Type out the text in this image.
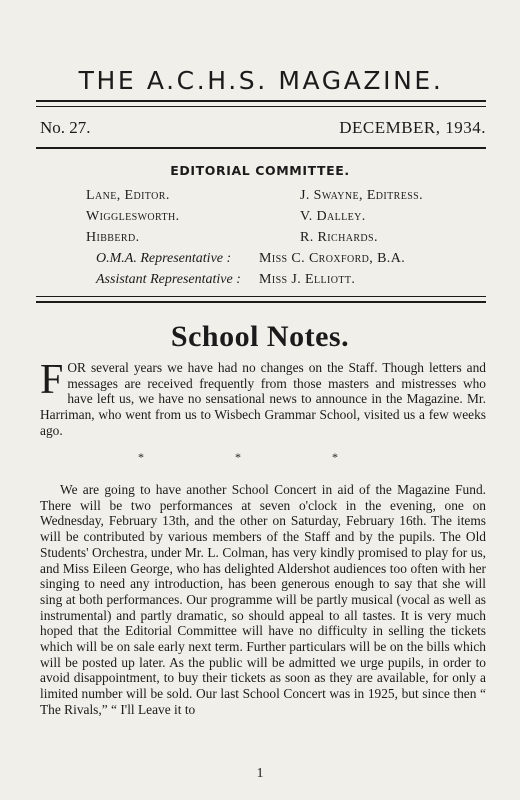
THE A.C.H.S. MAGAZINE.
No. 27.	DECEMBER, 1934.
EDITORIAL COMMITTEE.
Lane, Editor.	J. Swayne, Editress.
Wigglesworth.	V. Dalley.
Hibberd.	R. Richards.
O.M.A. Representative : Miss C. Croxford, B.A.
Assistant Representative : Miss J. Elliott.
School Notes.
FOR several years we have had no changes on the Staff. Though letters and messages are received frequently from those masters and mistresses who have left us, we have no sensational news to announce in the Magazine. Mr. Harriman, who went from us to Wisbech Grammar School, visited us a few weeks ago.
* * *
We are going to have another School Concert in aid of the Magazine Fund. There will be two performances at seven o'clock in the evening, one on Wednesday, February 13th, and the other on Saturday, February 16th. The items will be contributed by various members of the Staff and by the pupils. The Old Students' Orchestra, under Mr. L. Colman, has very kindly promised to play for us, and Miss Eileen George, who has delighted Aldershot audiences too often with her singing to need any introduction, has been generous enough to say that she will sing at both performances. Our programme will be partly musical (vocal as well as instrumental) and partly dramatic, so should appeal to all tastes. It is very much hoped that the Editorial Committee will have no difficulty in selling the tickets which will be on sale early next term. Further particulars will be on the bills which will be posted up later. As the public will be admitted we urge pupils, in order to avoid disappointment, to buy their tickets as soon as they are available, for only a limited number will be sold. Our last School Concert was in 1925, but since then “ The Rivals,” “ I'll Leave it to
1
